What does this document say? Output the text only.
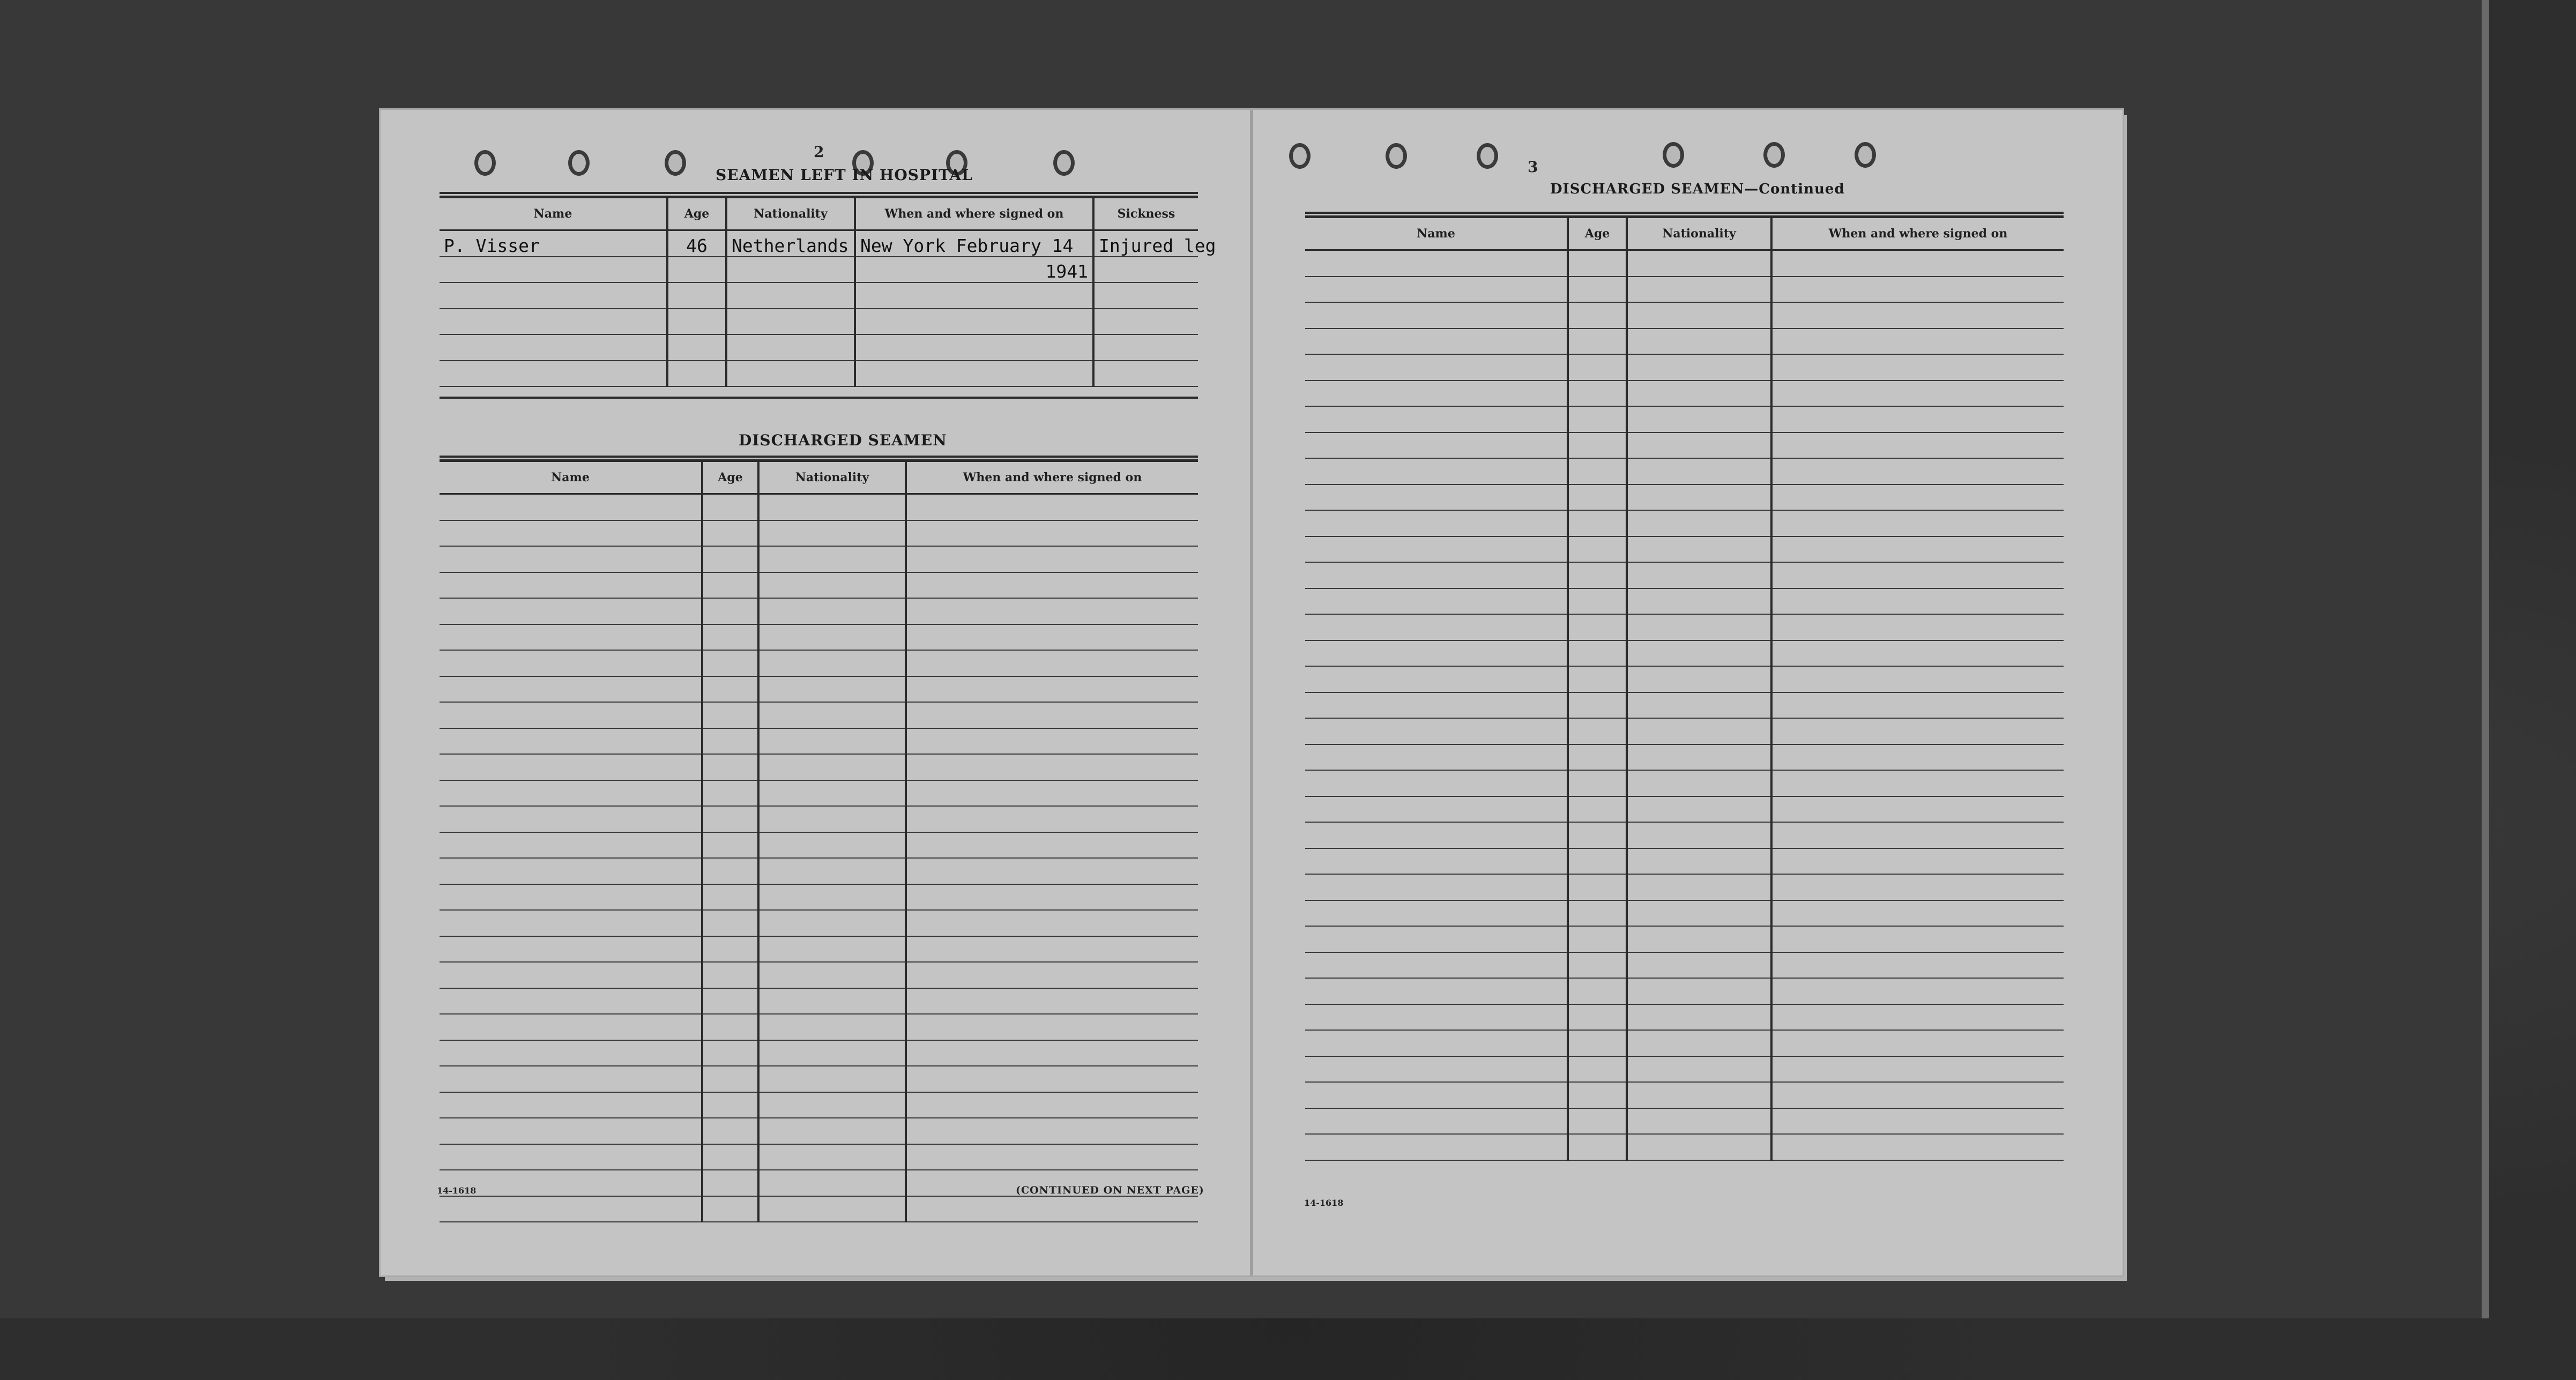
2
SEAMEN LEFT IN HOSPITAL
Name	Age	Nationality	When and where signed on	Sickness
P. Visser	46	Netherlands	New York February 14	Injured leg
			1941	

DISCHARGED SEAMEN
Name	Age	Nationality	When and where signed on

14-1618	(CONTINUED ON NEXT PAGE)
3
DISCHARGED SEAMEN—Continued
Name	Age	Nationality	When and where signed on

14-1618
